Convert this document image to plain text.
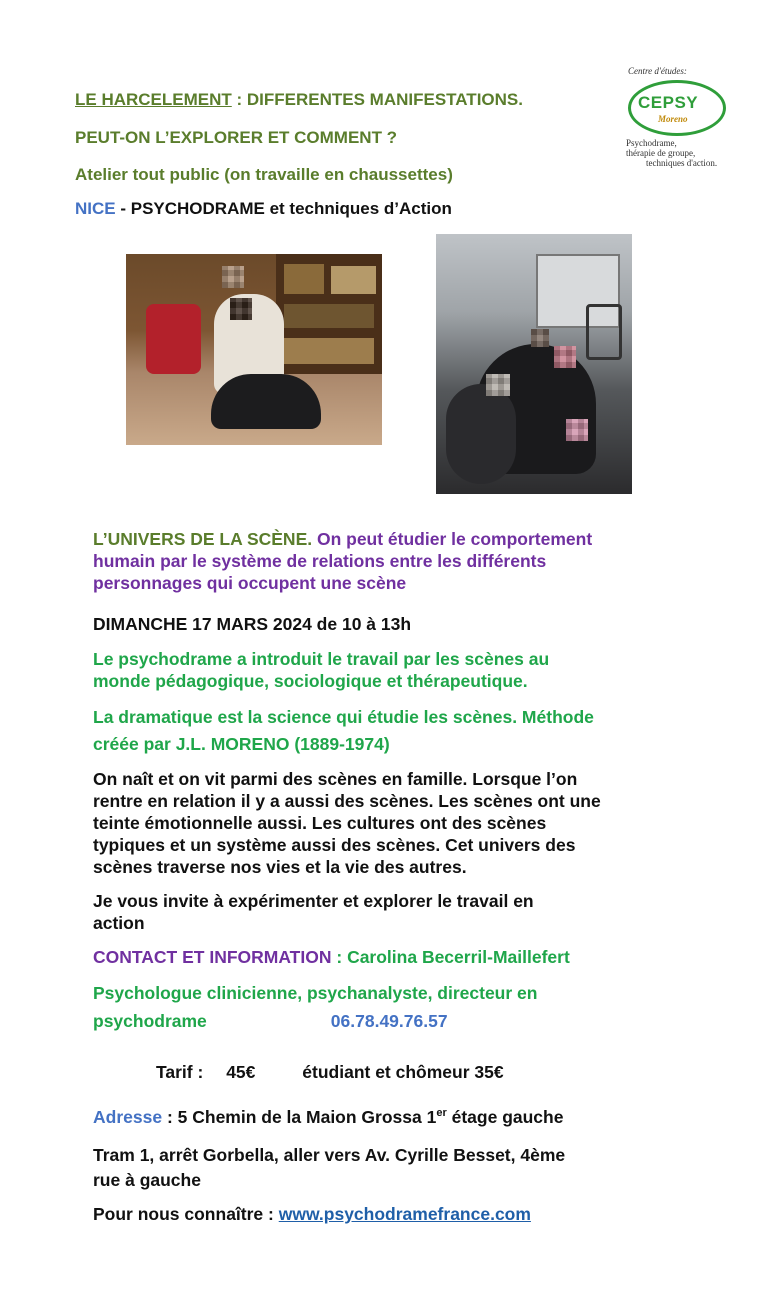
Centre d'études:
CEPSY
Moreno
Psychodrame,
thérapie de groupe,
techniques d'action.
LE HARCELEMENT : DIFFERENTES MANIFESTATIONS.
PEUT-ON L’EXPLORER ET COMMENT ?
Atelier tout public (on travaille en chaussettes)
NICE - PSYCHODRAME et techniques d’Action
L’UNIVERS DE LA SCÈNE. On peut étudier le comportement
humain par le système de relations entre les différents
personnages qui occupent une scène
DIMANCHE 17 MARS 2024 de 10 à 13h
Le psychodrame a introduit le travail par les scènes au
monde pédagogique, sociologique et thérapeutique.
La dramatique est la science qui étudie les scènes. Méthode
créée par J.L. MORENO (1889-1974)
On naît et on vit parmi des scènes en famille. Lorsque l’on
rentre en relation il y a aussi des scènes. Les scènes ont une
teinte émotionnelle aussi. Les cultures ont des scènes
typiques et un système aussi des scènes. Cet univers des
scènes traverse nos vies et la vie des autres.
Je vous invite à expérimenter et explorer le travail en
action
CONTACT ET INFORMATION : Carolina Becerril-Maillefert
Psychologue clinicienne, psychanalyste, directeur en
psychodrame	06.78.49.76.57
Tarif : 45€	étudiant et chômeur 35€
Adresse : 5 Chemin de la Maion Grossa 1er étage gauche
Tram 1, arrêt Gorbella, aller vers Av. Cyrille Besset, 4ème
rue à gauche
Pour nous connaître : www.psychodramefrance.com
